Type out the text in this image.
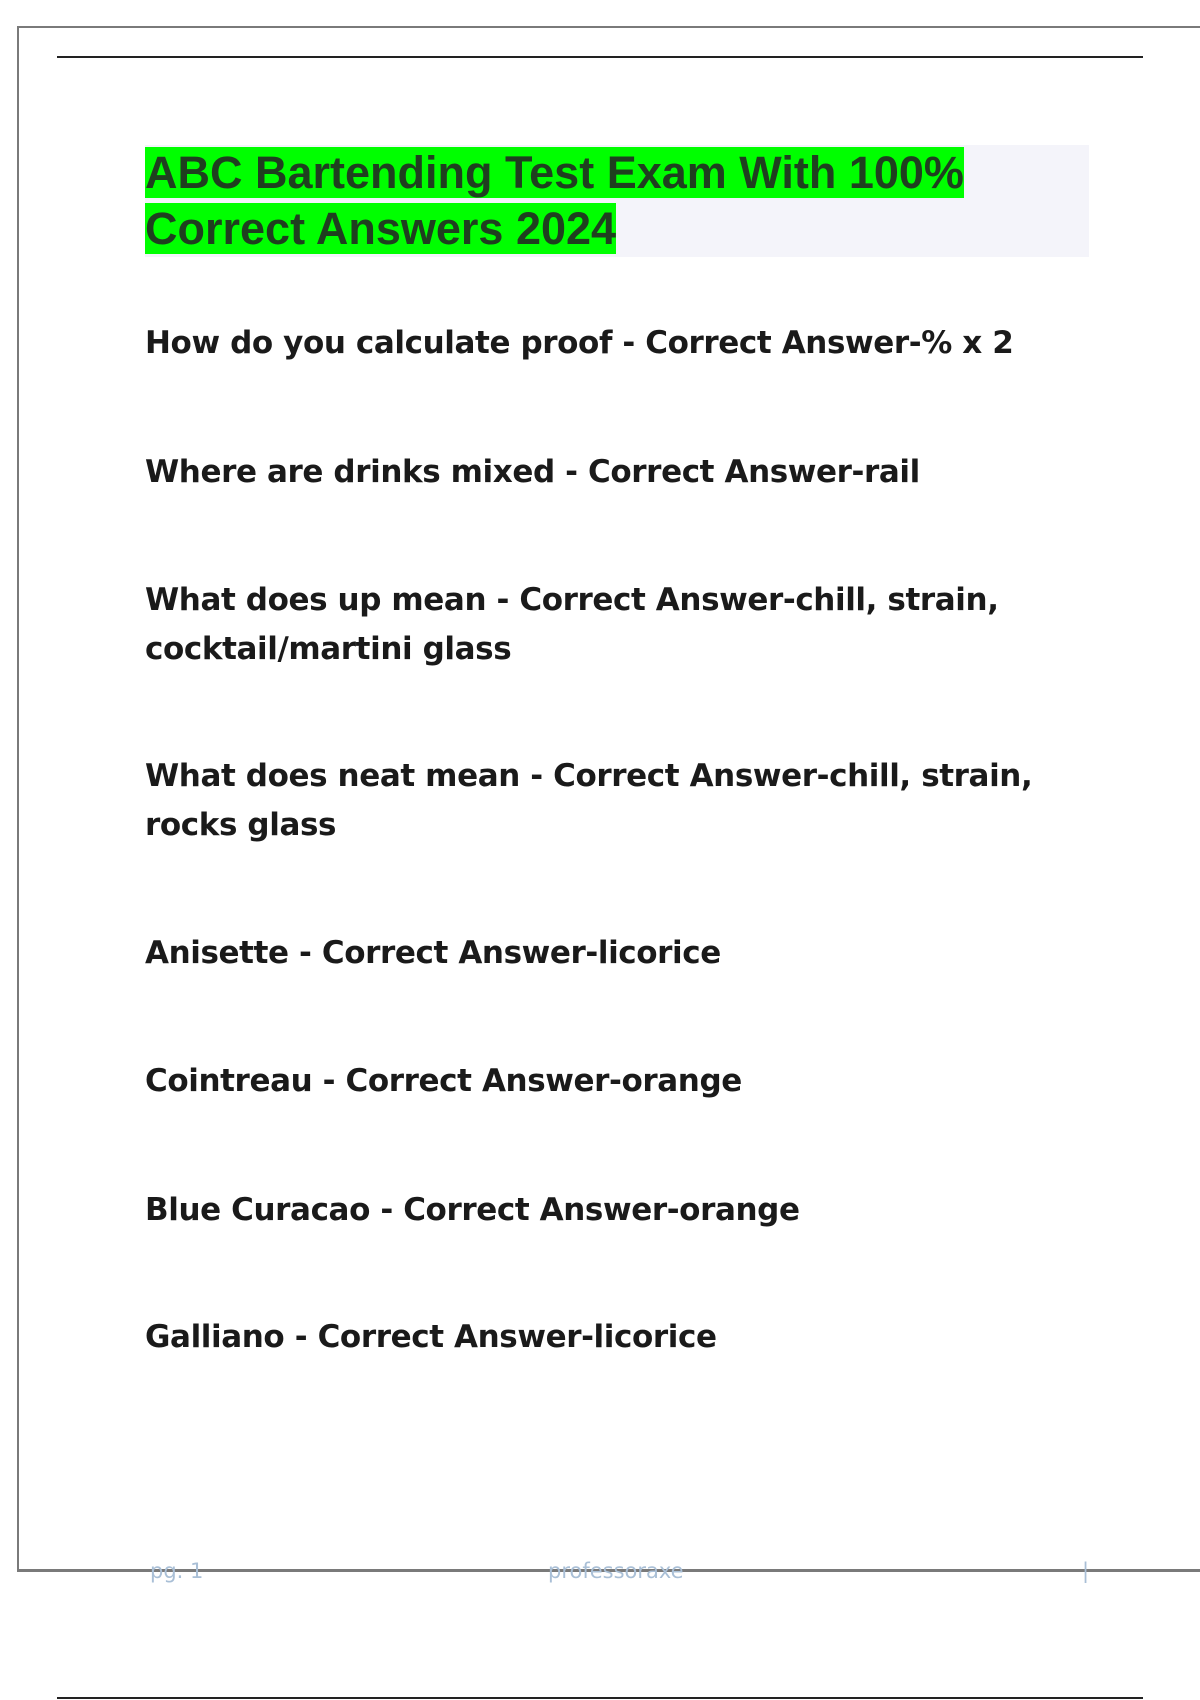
ABC Bartending Test Exam With 100%
Correct Answers 2024

How do you calculate proof - Correct Answer-% x 2

Where are drinks mixed - Correct Answer-rail

What does up mean - Correct Answer-chill, strain, cocktail/martini glass

What does neat mean - Correct Answer-chill, strain, rocks glass

Anisette - Correct Answer-licorice

Cointreau - Correct Answer-orange

Blue Curacao - Correct Answer-orange

Galliano - Correct Answer-licorice

pg. 1	professoraxe	|
